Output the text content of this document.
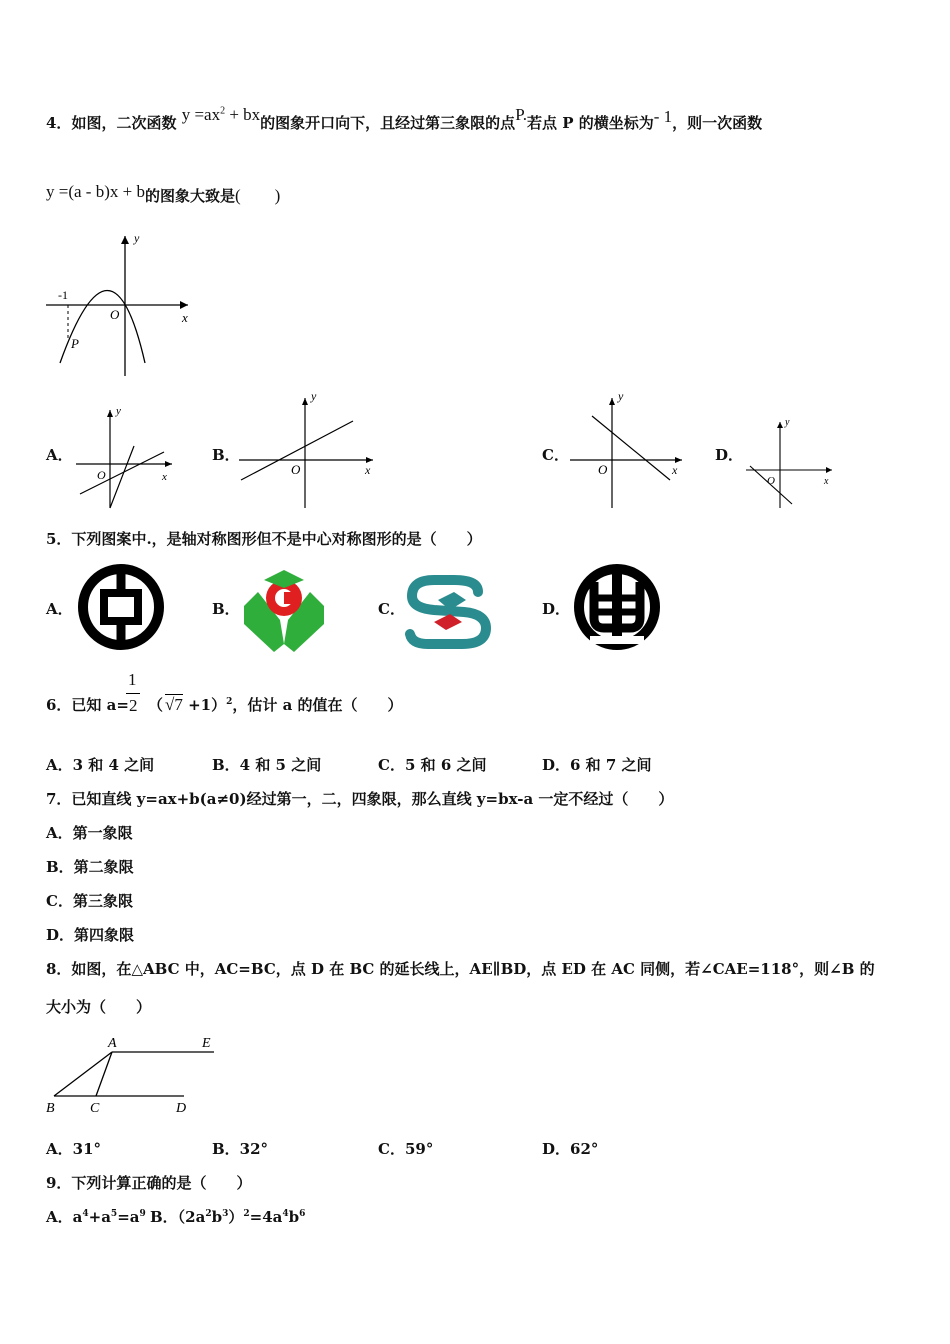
4．如图，二次函数 $y =ax^2$ + bx的图象开口向下，且经过第三象限的点P.若点 P 的横坐标为- 1，则一次函数
y =(a - b)x + b的图象大致是(　　)
y
x
O
-1
P
A．
y
x
O
B．
y
x
O
C．
y
x
O
D．
y
x
O
5．下列图案中.，是轴对称图形但不是中心对称图形的是（　　）
A．	B．	C．	D．
6．已知 a=
1
2 （ √7 +1）$^2$，估计 a 的值在（　　）
A．3 和 4 之间	B．4 和 5 之间	C．5 和 6 之间	D．6 和 7 之间
7．已知直线 y=ax+b(a≠0)经过第一，二，四象限，那么直线 y=bx-a 一定不经过（　　）
A．第一象限
B．第二象限
C．第三象限
D．第四象限
8．如图，在△ABC 中，AC=BC，点 D 在 BC 的延长线上，AE∥BD，点 ED 在 AC 同侧，若∠CAE=118°，则∠B 的
大小为（　　）
A	E
B	C	D
A．31°	B．32°	C．59°	D．62°
9．下列计算正确的是（　　）
A．$a^4+a^5=a^9$ B．$(2a^2b^3)^2=4a^4b^6$
